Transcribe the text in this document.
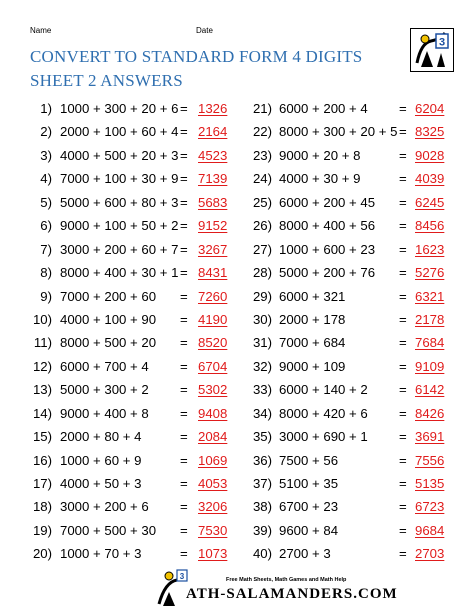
Name	Date
CONVERT TO STANDARD FORM 4 DIGITS
SHEET 2 ANSWERS
3
1) 1000 + 300 + 20 + 6 = 1326 21) 6000 + 200 + 4 = 6204
2) 2000 + 100 + 60 + 4 = 2164 22) 8000 + 300 + 20 + 5 = 8325
3) 4000 + 500 + 20 + 3 = 4523 23) 9000 + 20 + 8	= 9028
4) 7000 + 100 + 30 + 9 = 7139 24) 4000 + 30 + 9	= 4039
5) 5000 + 600 + 80 + 3 = 5683 25) 6000 + 200 + 45 = 6245
6) 9000 + 100 + 50 + 2 = 9152 26) 8000 + 400 + 56 = 8456
7) 3000 + 200 + 60 + 7 = 3267 27) 1000 + 600 + 23 = 1623
8) 8000 + 400 + 30 + 1 = 8431 28) 5000 + 200 + 76 = 5276
9) 7000 + 200 + 60 = 7260 29) 6000 + 321	= 6321
10) 4000 + 100 + 90 = 4190 30) 2000 + 178	= 2178
11) 8000 + 500 + 20 = 8520 31) 7000 + 684	= 7684
12) 6000 + 700 + 4 = 6704 32) 9000 + 109	= 9109
13) 5000 + 300 + 2 = 5302 33) 6000 + 140 + 2 = 6142
14) 9000 + 400 + 8 = 9408 34) 8000 + 420 + 6 = 8426
15) 2000 + 80 + 4	= 2084 35) 3000 + 690 + 1 = 3691
16) 1000 + 60 + 9	= 1069 36) 7500 + 56	= 7556
17) 4000 + 50 + 3	= 4053 37) 5100 + 35	= 5135
18) 3000 + 200 + 6 = 3206 38) 6700 + 23	= 6723
19) 7000 + 500 + 30 = 7530 39) 9600 + 84	= 9684
20) 1000 + 70 + 3	= 1073 40) 2700 + 3	= 2703
3	Free Math Sheets, Math Games and Math Help
ATH-SALAMANDERS.COM
